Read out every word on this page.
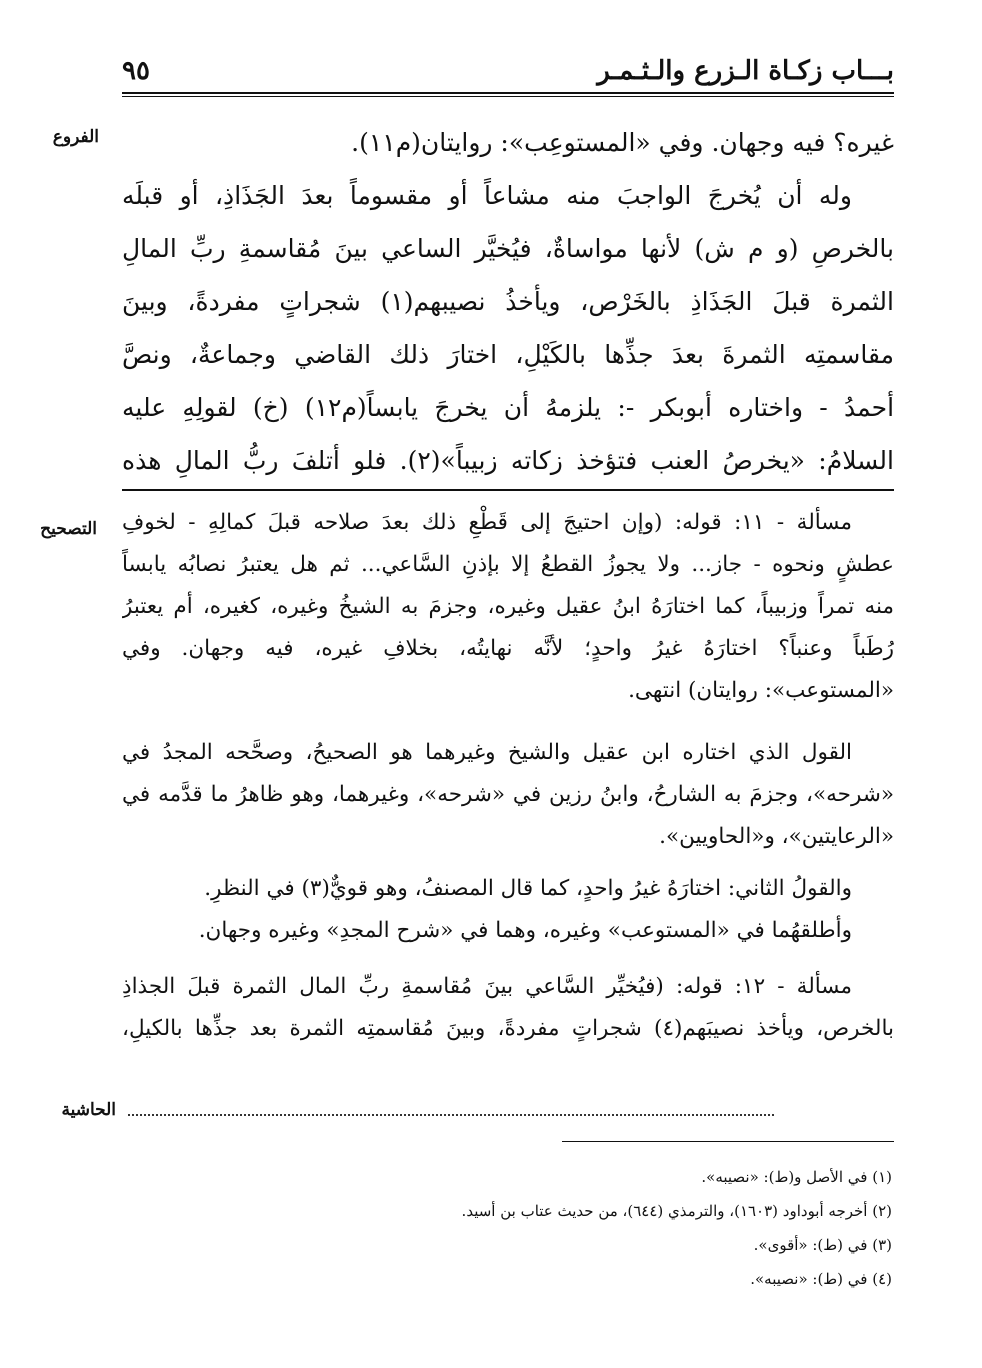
بـــاب زكـاة الـزرع والـثـمـر
٩٥
الفروع
التصحيح
الحاشية
غيره؟ فيه وجهان. وفي «المستوعِب»: روايتان(م١١).
وله أن يُخرجَ الواجبَ منه مشاعاً أو مقسوماً بعدَ الجَذَاذِ، أو قبلَه
بالخرصِ (و م ش) لأنها مواساةٌ، فيُخيَّر الساعي بينَ مُقاسمةِ ربِّ المالِ
الثمرة قبلَ الجَذَاذِ بالخَرْص، ويأخذُ نصيبهم(١) شجراتٍ مفردةً، وبينَ
مقاسمتِه الثمرةَ بعدَ جذِّها بالكَيْلِ، اختارَ ذلك القاضي وجماعةٌ، ونصَّ
أحمدُ - واختاره أبوبكر -: يلزمهُ أن يخرجَ يابساً(م١٢) (خ) لقولِهِ عليه
السلامُ: «يخرصُ العنب فتؤخذ زكاته زبيباً»(٢). فلو أتلفَ ربُّ المالِ هذه
مسألة - ١١: قوله: (وإن احتيجَ إلى قَطْعِ ذلك بعدَ صلاحه قبلَ كمالِهِ - لخوفِ
عطشٍ ونحوه - جاز... ولا يجوزُ القطعُ إلا بإذنِ السَّاعي... ثم هل يعتبرُ نصابُه يابساً
منه تمراً وزبيباً، كما اختارَهُ ابنُ عقيل وغيره، وجزمَ به الشيخُ وغيره، كغيره، أم يعتبرُ
رُطَباً وعنباً؟ اختارَهُ غيرُ واحدٍ؛ لأنَّه نهايتُه، بخلافِ غيره، فيه وجهان. وفي
«المستوعب»: روايتان) انتهى.
القول الذي اختاره ابن عقيل والشيخ وغيرهما هو الصحيحُ، وصحَّحه المجدُ في
«شرحه»، وجزمَ به الشارحُ، وابنُ رزين في «شرحه»، وغيرهما، وهو ظاهرُ ما قدَّمه في
«الرعايتين»، و«الحاويين».
والقولُ الثاني: اختارَهُ غيرُ واحدٍ، كما قال المصنفُ، وهو قويٌّ(٣) في النظرِ.
وأطلقهُما في «المستوعب» وغيره، وهما في «شرح المجدِ» وغيره وجهان.
مسألة - ١٢: قوله: (فيُخيِّر السَّاعي بينَ مُقاسمةِ ربِّ المال الثمرة قبلَ الجذاذِ
بالخرص، ويأخذ نصيبَهم(٤) شجراتٍ مفردةً، وبينَ مُقاسمتِه الثمرة بعد جذِّها بالكيلِ،
(١) في الأصل و(ط): «نصيبه».
(٢) أخرجه أبوداود (١٦٠٣)، والترمذي (٦٤٤)، من حديث عتاب بن أسيد.
(٣) في (ط): «أقوى».
(٤) في (ط): «نصيبه».
